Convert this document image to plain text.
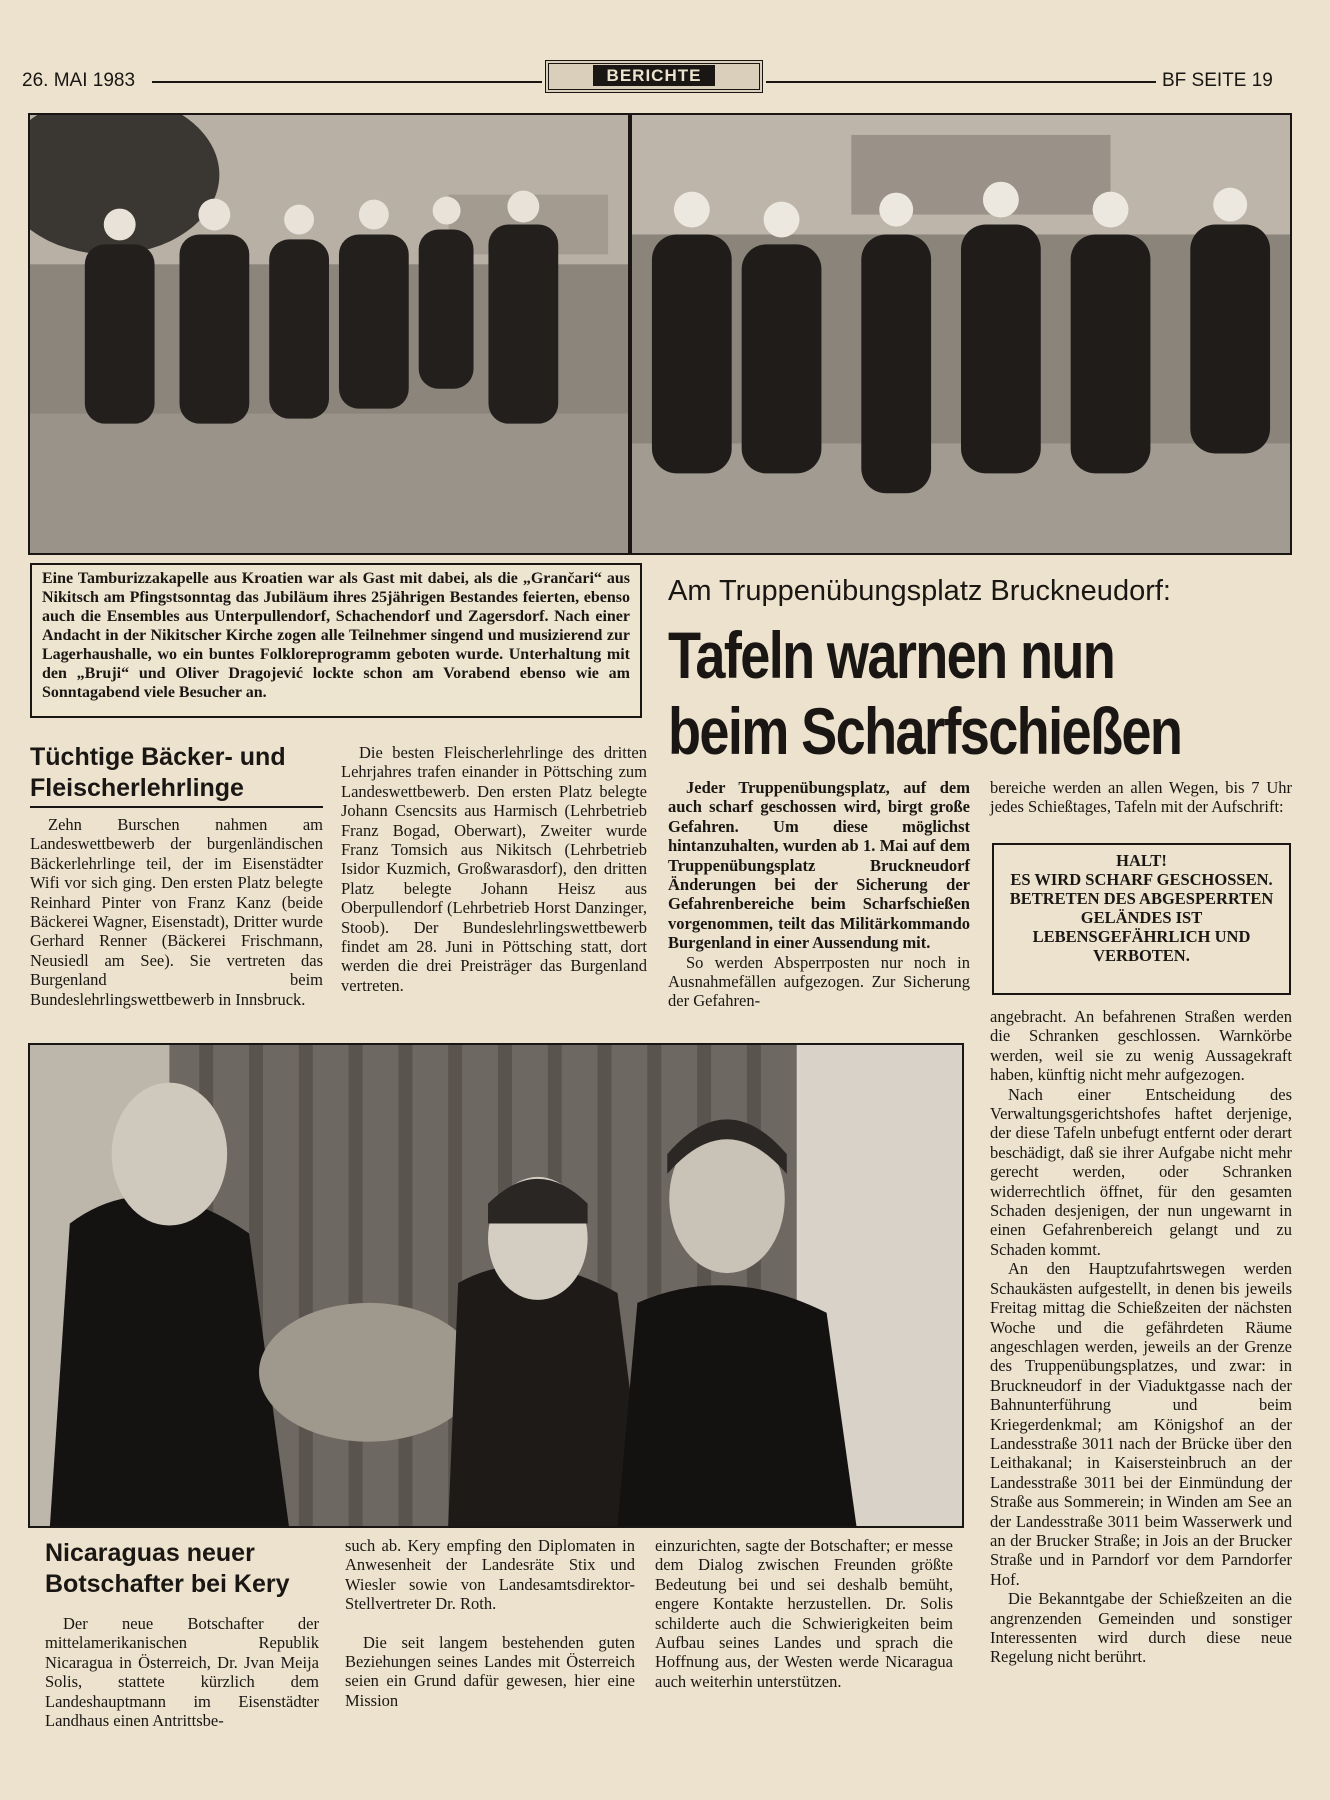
26. MAI 1983	BERICHTE	BF SEITE 19
Eine Tamburizzakapelle aus Kroatien war als Gast mit dabei, als die „Grančari“ aus Nikitsch am Pfingstsonntag das Jubiläum ihres 25jährigen Bestandes feierten, ebenso auch die Ensembles aus Unterpullendorf, Schachendorf und Zagersdorf. Nach einer Andacht in der Nikitscher Kirche zogen alle Teilnehmer singend und musizierend zur Lagerhaushalle, wo ein buntes Folkloreprogramm geboten wurde. Unterhaltung mit den „Bruji“ und Oliver Dragojević lockte schon am Vorabend ebenso wie am Sonntagabend viele Besucher an.
Am Truppenübungsplatz Bruckneudorf:
Tafeln warnen nun
beim Scharfschießen

Jeder Truppenübungsplatz, auf dem auch scharf geschossen wird, birgt große Gefahren. Um diese möglichst hintanzuhalten, wurden ab 1. Mai auf dem Truppenübungsplatz Bruckneudorf Änderungen bei der Sicherung der Gefahrenbereiche beim Scharfschießen vorgenommen, teilt das Militärkommando Burgenland in einer Aussendung mit.

So werden Absperrposten nur noch in Ausnahmefällen aufgezogen. Zur Sicherung der Gefahren-

bereiche werden an allen Wegen, bis 7 Uhr jedes Schießtages, Tafeln mit der Aufschrift:

HALT!
ES WIRD SCHARF GESCHOSSEN.
BETRETEN DES ABGESPERRTEN GELÄNDES IST LEBENSGEFÄHRLICH UND VERBOTEN.

angebracht. An befahrenen Straßen werden die Schranken geschlossen. Warnkörbe werden, weil sie zu wenig Aussagekraft haben, künftig nicht mehr aufgezogen.

Nach einer Entscheidung des Verwaltungsgerichtshofes haftet derjenige, der diese Tafeln unbefugt entfernt oder derart beschädigt, daß sie ihrer Aufgabe nicht mehr gerecht werden, oder Schranken widerrechtlich öffnet, für den gesamten Schaden desjenigen, der nun ungewarnt in einen Gefahrenbereich gelangt und zu Schaden kommt.

An den Hauptzufahrtswegen werden Schaukästen aufgestellt, in denen bis jeweils Freitag mittag die Schießzeiten der nächsten Woche und die gefährdeten Räume angeschlagen werden, jeweils an der Grenze des Truppenübungsplatzes, und zwar: in Bruckneudorf in der Viaduktgasse nach der Bahnunterführung und beim Kriegerdenkmal; am Königshof an der Landesstraße 3011 nach der Brücke über den Leithakanal; in Kaisersteinbruch an der Landesstraße 3011 bei der Einmündung der Straße aus Sommerein; in Winden am See an der Landesstraße 3011 beim Wasserwerk und an der Brucker Straße; in Jois an der Brucker Straße und in Parndorf vor dem Parndorfer Hof.

Die Bekanntgabe der Schießzeiten an die angrenzenden Gemeinden und sonstiger Interessenten wird durch diese neue Regelung nicht berührt.

Tüchtige Bäcker- und
Fleischerlehrlinge

Zehn Burschen nahmen am Landeswettbewerb der burgenländischen Bäckerlehrlinge teil, der im Eisenstädter Wifi vor sich ging. Den ersten Platz belegte Reinhard Pinter von Franz Kanz (beide Bäckerei Wagner, Eisenstadt), Dritter wurde Gerhard Renner (Bäckerei Frischmann, Neusiedl am See). Sie vertreten das Burgenland beim Bundeslehrlingswettbewerb in Innsbruck.

Die besten Fleischerlehrlinge des dritten Lehrjahres trafen einander in Pöttsching zum Landeswettbewerb. Den ersten Platz belegte Johann Csencsits aus Harmisch (Lehrbetrieb Franz Bogad, Oberwart), Zweiter wurde Franz Tomsich aus Nikitsch (Lehrbetrieb Isidor Kuzmich, Großwarasdorf), den dritten Platz belegte Johann Heisz aus Oberpullendorf (Lehrbetrieb Horst Danzinger, Stoob). Der Bundeslehrlingswettbewerb findet am 28. Juni in Pöttsching statt, dort werden die drei Preisträger das Burgenland vertreten.

Nicaraguas neuer
Botschafter bei Kery

Der neue Botschafter der mittelamerikanischen Republik Nicaragua in Österreich, Dr. Jvan Meija Solis, stattete kürzlich dem Landeshauptmann im Eisenstädter Landhaus einen Antrittsbe-

such ab. Kery empfing den Diplomaten in Anwesenheit der Landesräte Stix und Wiesler sowie von Landesamtsdirektor-Stellvertreter Dr. Roth.

Die seit langem bestehenden guten Beziehungen seines Landes mit Österreich seien ein Grund dafür gewesen, hier eine Mission

einzurichten, sagte der Botschafter; er messe dem Dialog zwischen Freunden größte Bedeutung bei und sei deshalb bemüht, engere Kontakte herzustellen. Dr. Solis schilderte auch die Schwierigkeiten beim Aufbau seines Landes und sprach die Hoffnung aus, der Westen werde Nicaragua auch weiterhin unterstützen.
